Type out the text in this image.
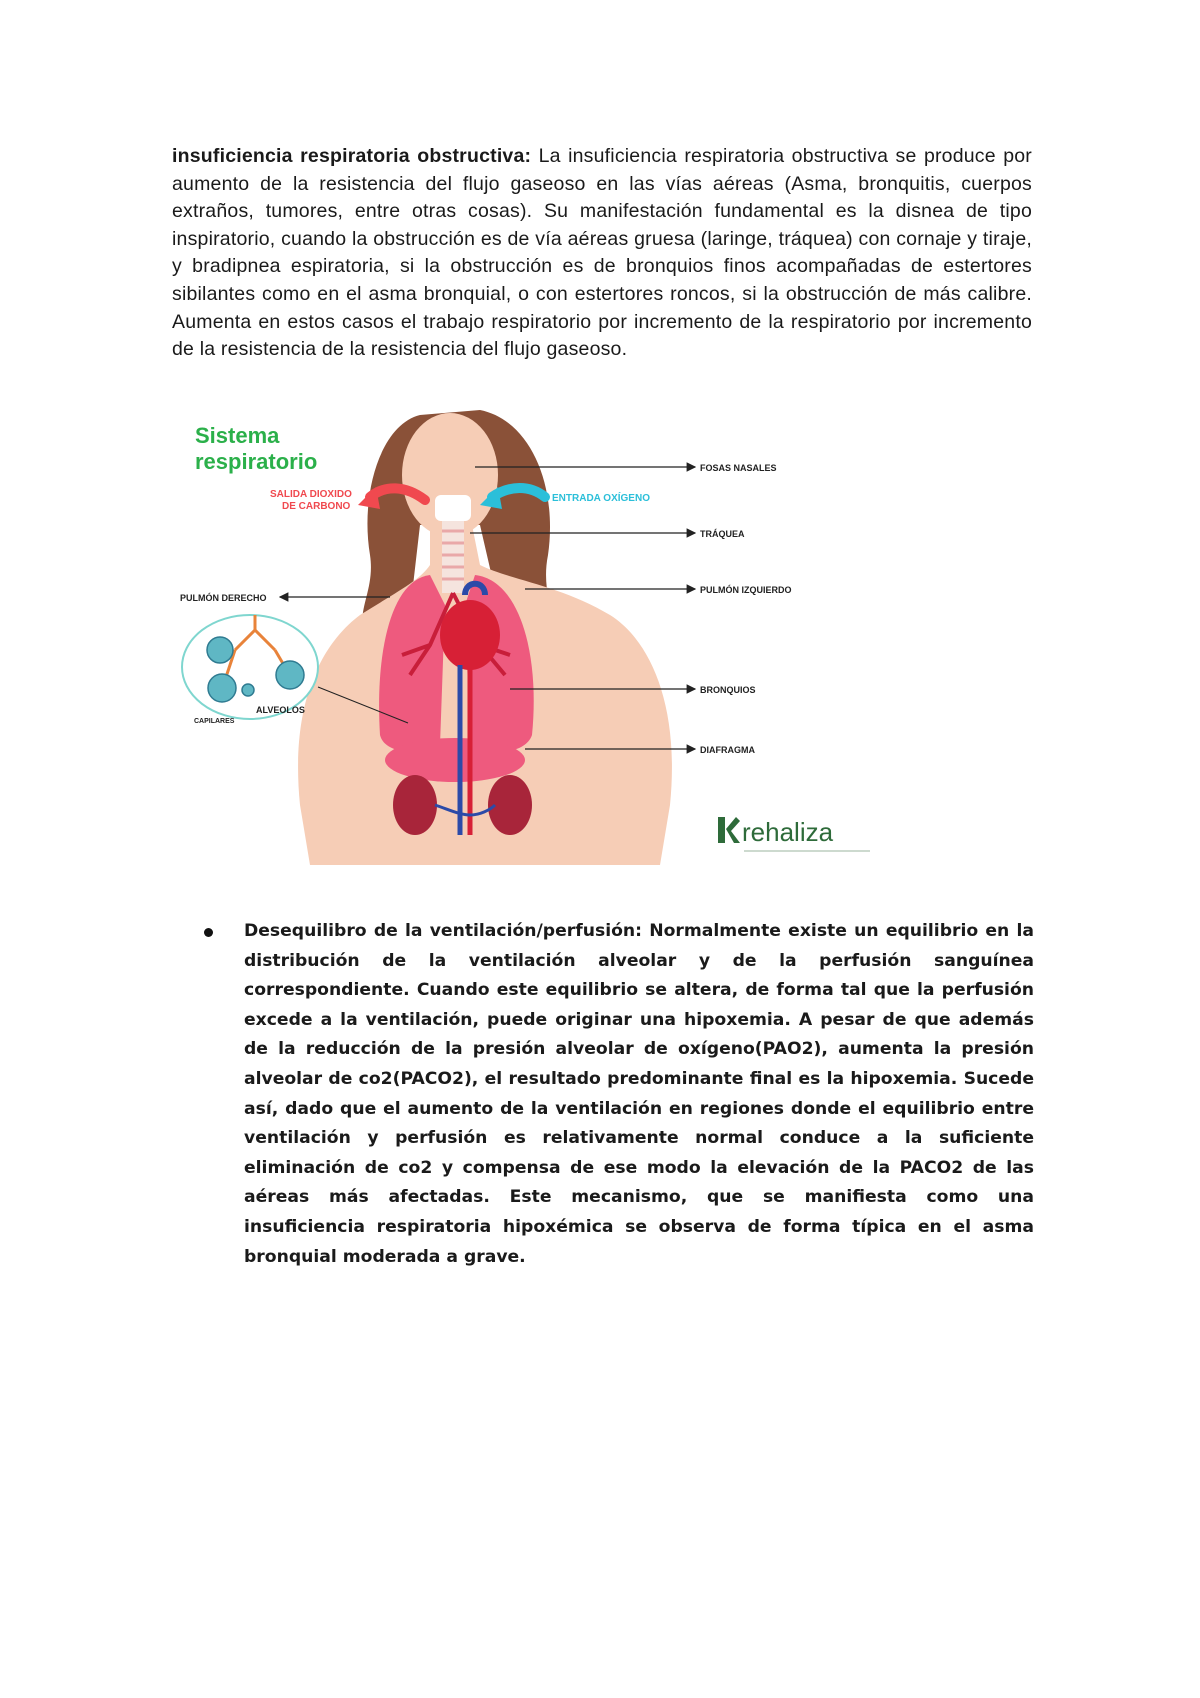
insuficiencia respiratoria obstructiva: La insuficiencia respiratoria obstructiva se produce por aumento de la resistencia del flujo gaseoso en las vías aéreas (Asma, bronquitis, cuerpos extraños, tumores, entre otras cosas). Su manifestación fundamental es la disnea de tipo inspiratorio, cuando la obstrucción es de vía aéreas gruesa (laringe, tráquea) con cornaje y tiraje, y bradipnea espiratoria, si la obstrucción es de bronquios finos acompañadas de estertores sibilantes como en el asma bronquial, o con estertores roncos, si la obstrucción de más calibre. Aumenta en estos casos el trabajo respiratorio por incremento de la respiratorio por incremento de la resistencia de la resistencia del flujo gaseoso.

Sistema
respiratorio
SALIDA DIOXIDO
DE CARBONO
ENTRADA OXÍGENO
FOSAS NASALES
TRÁQUEA
PULMÓN IZQUIERDO
BRONQUIOS
DIAFRAGMA
PULMÓN DERECHO
ALVEOLOS
CAPILARES
rehaliza

Desequilibro de la ventilación/perfusión: Normalmente existe un equilibrio en la distribución de la ventilación alveolar y de la perfusión sanguínea correspondiente. Cuando este equilibrio se altera, de forma tal que la perfusión excede a la ventilación, puede originar una hipoxemia. A pesar de que además de la reducción de la presión alveolar de oxígeno(PAO2), aumenta la presión alveolar de co2(PACO2), el resultado predominante final es la hipoxemia. Sucede así, dado que el aumento de la ventilación en regiones donde el equilibrio entre ventilación y perfusión es relativamente normal conduce a la suficiente eliminación de co2 y compensa de ese modo la elevación de la PACO2 de las aéreas más afectadas. Este mecanismo, que se manifiesta como una insuficiencia respiratoria hipoxémica se observa de forma típica en el asma bronquial moderada a grave.
